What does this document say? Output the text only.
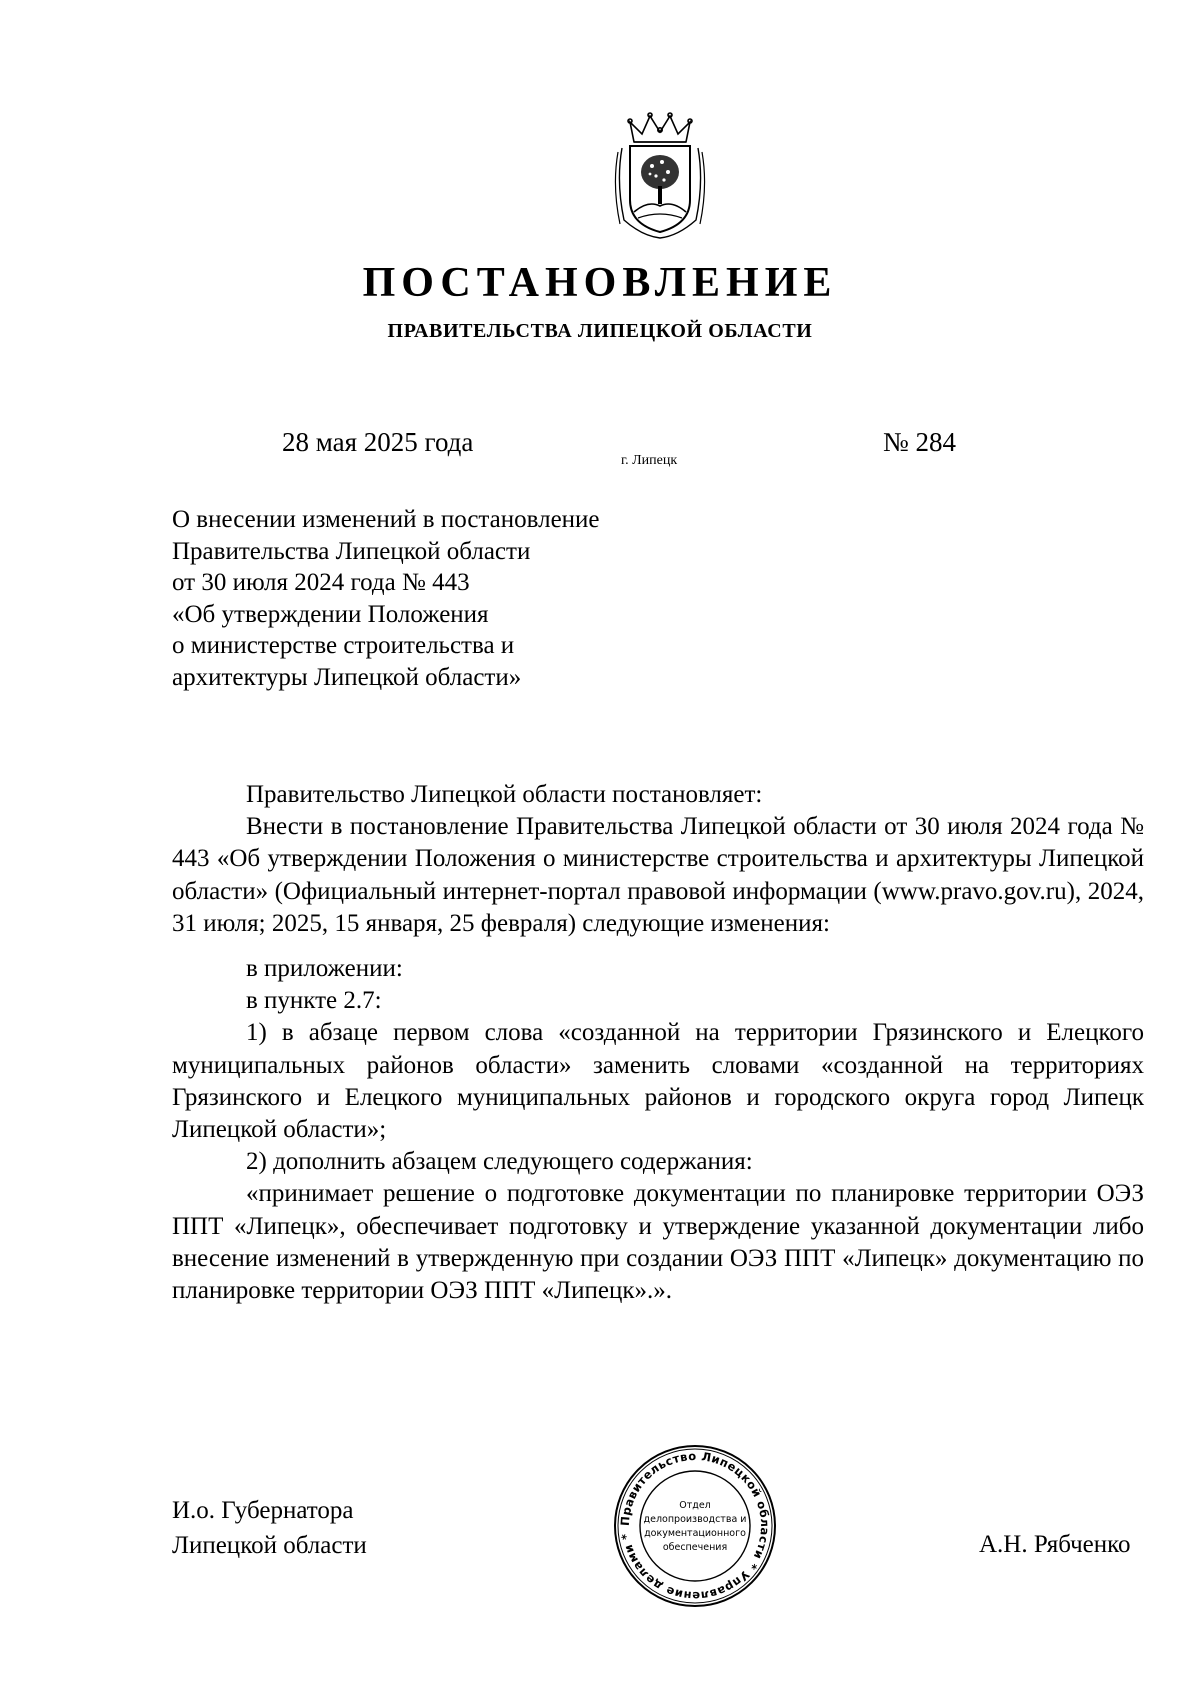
ПОСТАНОВЛЕНИЕ
ПРАВИТЕЛЬСТВА ЛИПЕЦКОЙ ОБЛАСТИ
28 мая 2025 года
г. Липецк
№ 284
О внесении изменений в постановление
Правительства Липецкой области
от 30 июля 2024 года № 443
«Об утверждении Положения
о министерстве строительства и
архитектуры Липецкой области»

Правительство Липецкой области постановляет:

Внести в постановление Правительства Липецкой области от 30 июля 2024 года № 443 «Об утверждении Положения о министерстве строительства и архитектуры Липецкой области» (Официальный интернет-портал правовой информации (www.pravo.gov.ru), 2024, 31 июля; 2025, 15 января, 25 февраля) следующие изменения:

в приложении:

в пункте 2.7:

1) в абзаце первом слова «созданной на территории Грязинского и Елецкого муниципальных районов области» заменить словами «созданной на территориях Грязинского и Елецкого муниципальных районов и городского округа город Липецк Липецкой области»;

2) дополнить абзацем следующего содержания:

«принимает решение о подготовке документации по планировке территории ОЭЗ ППТ «Липецк», обеспечивает подготовку и утверждение указанной документации либо внесение изменений в утвержденную при создании ОЭЗ ППТ «Липецк» документацию по планировке территории ОЭЗ ППТ «Липецк».».

И.о. Губернатора
Липецкой области	А.Н. Рябченко
Правительство Липецкой области * Управление делами *
Отдел
делопроизводства и
документационного
обеспечения
